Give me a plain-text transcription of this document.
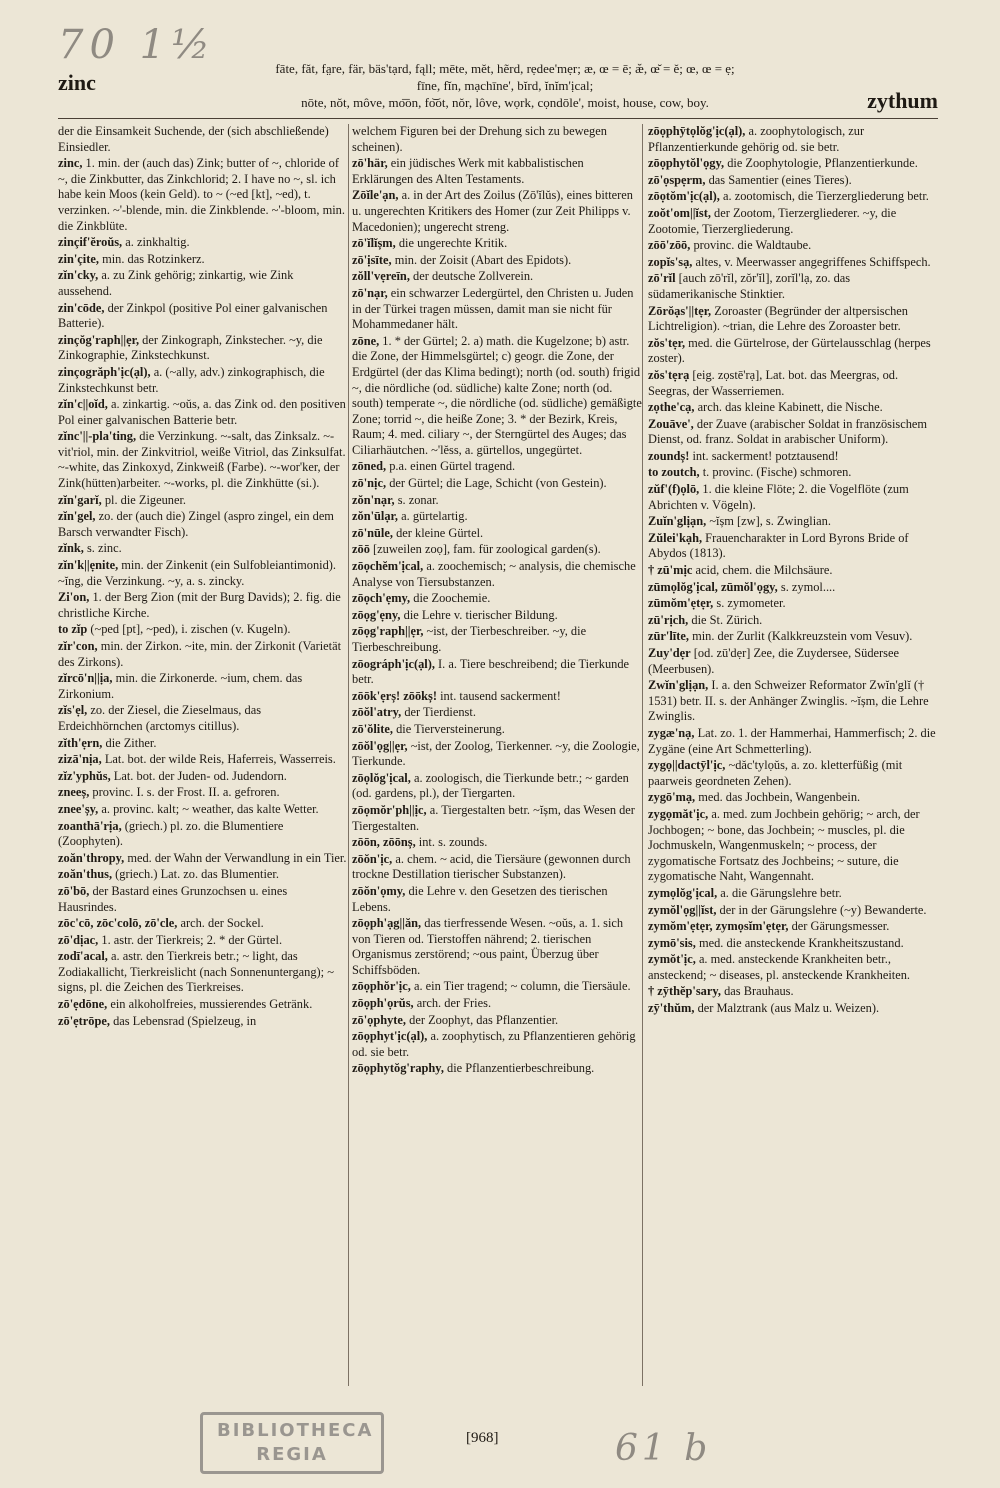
70 1½
zinc
fāte, făt, fa̤re, fär, bäs'tạrd, fąll; mēte, mĕt, hẽrd, rẹdee'mẹr; æ, œ = ē; æ̆, œ̆ = ĕ; œ, œ = ẹ;
fīne, fĭn, mạchīne', bĭrd, ĭnĭm'ịcal;
nōte, nŏt, môve, mo͞on, fo͝ot, nŏr, lôve, wọrk, cọndōle', moist, house, cow, boy.	zythum
der die Einsamkeit Suchende, der (sich abschließende) Einsiedler.
zinc, 1. min. der (auch das) Zink; butter of ~, chloride of ~, die Zinkbutter, das Zinkchlorid; 2. I have no ~, sl. ich habe kein Moos (kein Geld). to ~ (~ed [kt], ~ed), t. verzinken. ~'-blende, min. die Zinkblende. ~'-bloom, min. die Zinkblüte.
zinçif'ĕroŭs, a. zinkhaltig.
zin'çite, min. das Rotzinkerz.
zĭn'cky, a. zu Zink gehörig; zinkartig, wie Zink aussehend.
zin'cōde, der Zinkpol (positive Pol einer galvanischen Batterie).
zinçŏg'raph||ẹr, der Zinkograph, Zinkstecher. ~y, die Zinkographie, Zinkstechkunst.
zinçogrăph'ịc(ạl), a. (~ally, adv.) zinkographisch, die Zinkstechkunst betr.
zĭn'c||oĭd, a. zinkartig. ~oŭs, a. das Zink od. den positiven Pol einer galvanischen Batterie betr.
zĭnc'||-pla'ting, die Verzinkung. ~-salt, das Zinksalz. ~-vit'riol, min. der Zinkvitriol, weiße Vitriol, das Zinksulfat. ~-white, das Zinkoxyd, Zinkweiß (Farbe). ~-wor'ker, der Zink(hütten)arbeiter. ~-works, pl. die Zinkhütte (si.).
zĭn'garĭ, pl. die Zigeuner.
zĭn'gel, zo. der (auch die) Zingel (aspro zingel, ein dem Barsch verwandter Fisch).
zĭnk, s. zinc.
zĭn'k||ẹnite, min. der Zinkenit (ein Sulfobleiantimonid). ~ĭng, die Verzinkung. ~y, a. s. zincky.
Zi'on, 1. der Berg Zion (mit der Burg Davids); 2. fig. die christliche Kirche.
to zĭp (~ped [pt], ~ped), i. zischen (v. Kugeln).
zĭr'con, min. der Zirkon. ~ite, min. der Zirkonit (Varietät des Zirkons).
zĭrcō'n||ịa, min. die Zirkonerde. ~ium, chem. das Zirkonium.
zĭs'ẹl, zo. der Ziesel, die Zieselmaus, das Erdeichhörnchen (arctomys citillus).
zĭth'ẹrn, die Zither.
zizā'nịa, Lat. bot. der wilde Reis, Haferreis, Wasserreis.
zĭz'yphŭs, Lat. bot. der Juden- od. Judendorn.
zneeș, provinc. I. s. der Frost. II. a. gefroren.
znee'șy, a. provinc. kalt; ~ weather, das kalte Wetter.
zoanthā'rịa, (griech.) pl. zo. die Blumentiere (Zoophyten).
zoăn'thropy, med. der Wahn der Verwandlung in ein Tier.
zoăn'thus, (griech.) Lat. zo. das Blumentier.
zō'bō, der Bastard eines Grunzochsen u. eines Hausrindes.
zōc'cō, zōc'colō, zō'cle, arch. der Sockel.
zō'dịac, 1. astr. der Tierkreis; 2. * der Gürtel.
zodī'acal, a. astr. den Tierkreis betr.; ~ light, das Zodiakallicht, Tierkreislicht (nach Sonnenuntergang); ~ signs, pl. die Zeichen des Tierkreises.
zō'ẹdōne, ein alkoholfreies, mussierendes Getränk.
zō'ẹtrōpe, das Lebensrad (Spielzeug, in
welchem Figuren bei der Drehung sich zu bewegen scheinen).
zō'här, ein jüdisches Werk mit kabbalistischen Erklärungen des Alten Testaments.
Zōĭle'ạn, a. in der Art des Zoilus (Zō'ĭlŭs), eines bitteren u. ungerechten Kritikers des Homer (zur Zeit Philipps v. Macedonien); ungerecht streng.
zō'ĭlĭșm, die ungerechte Kritik.
zō'ịsīte, min. der Zoisit (Abart des Epidots).
zŏll'vẹreīn, der deutsche Zollverein.
zō'nạr, ein schwarzer Ledergürtel, den Christen u. Juden in der Türkei tragen müssen, damit man sie nicht für Mohammedaner hält.
zōne, 1. * der Gürtel; 2. a) math. die Kugelzone; b) astr. die Zone, der Himmelsgürtel; c) geogr. die Zone, der Erdgürtel (der das Klima bedingt); north (od. south) frigid ~, die nördliche (od. südliche) kalte Zone; north (od. south) temperate ~, die nördliche (od. südliche) gemäßigte Zone; torrid ~, die heiße Zone; 3. * der Bezirk, Kreis, Raum; 4. med. ciliary ~, der Sterngürtel des Auges; das Ciliarhäutchen. ~'lĕss, a. gürtellos, ungegürtet.
zōned, p.a. einen Gürtel tragend.
zō'nịc, der Gürtel; die Lage, Schicht (von Gestein).
zŏn'nạr, s. zonar.
zŏn'ūlạr, a. gürtelartig.
zō'nūle, der kleine Gürtel.
zōō [zuweilen zoọ], fam. für zoological garden(s).
zōọchĕm'ịcal, a. zoochemisch; ~ analysis, die chemische Analyse von Tiersubstanzen.
zōọch'ẹmy, die Zoochemie.
zōọg'ẹny, die Lehre v. tierischer Bildung.
zōọg'raph||ẹr, ~ist, der Tierbeschreiber. ~y, die Tierbeschreibung.
zōográph'ịc(ạl), I. a. Tiere beschreibend; die Tierkunde betr.
zōōk'ẹrș! zōōkș! int. tausend sackerment!
zōŏl'atry, der Tierdienst.
zō'ŏlite, die Tierversteinerung.
zōŏl'ọg||ẹr, ~ist, der Zoolog, Tierkenner. ~y, die Zoologie, Tierkunde.
zōọlŏg'ịcal, a. zoologisch, die Tierkunde betr.; ~ garden (od. gardens, pl.), der Tiergarten.
zōọmŏr'ph||ịc, a. Tiergestalten betr. ~ĭșm, das Wesen der Tiergestalten.
zōōn, zōōnș, int. s. zounds.
zōŏn'ịc, a. chem. ~ acid, die Tiersäure (gewonnen durch trockne Destillation tierischer Substanzen).
zōŏn'ọmy, die Lehre v. den Gesetzen des tierischen Lebens.
zōọph'ạg||ăn, das tierfressende Wesen. ~oŭs, a. 1. sich von Tieren od. Tierstoffen nährend; 2. tierischen Organismus zerstörend; ~ous paint, Überzug über Schiffsböden.
zōọphŏr'ịc, a. ein Tier tragend; ~ column, die Tiersäule.
zōọph'ọrŭs, arch. der Fries.
zō'ọphyte, der Zoophyt, das Pflanzentier.
zōọphyt'ịc(ạl), a. zoophytisch, zu Pflanzentieren gehörig od. sie betr.
zōọphytŏg'raphy, die Pflanzentierbeschreibung.
zōọphȳtọlŏg'ịc(ạl), a. zoophytologisch, zur Pflanzentierkunde gehörig od. sie betr.
zōọphytŏl'ọgy, die Zoophytologie, Pflanzentierkunde.
zō'ọspẹrm, das Samentier (eines Tieres).
zōọtŏm'ịc(ạl), a. zootomisch, die Tierzergliederung betr.
zoŏt'om||ĭst, der Zootom, Tierzergliederer. ~y, die Zootomie, Tierzergliederung.
zōō'zōō, provinc. die Waldtaube.
zopĭs'sạ, altes, v. Meerwasser angegriffenes Schiffspech.
zō'rĭl [auch zō'rĭl, zŏr'ĭl], zorĭl'lạ, zo. das südamerikanische Stinktier.
Zōrŏạs'||tẹr, Zoroaster (Begründer der altpersischen Lichtreligion). ~trian, die Lehre des Zoroaster betr.
zŏs'tẹr, med. die Gürtelrose, der Gürtelausschlag (herpes zoster).
zŏs'tẹrạ [eig. zọstē'rạ], Lat. bot. das Meergras, od. Seegras, der Wasserriemen.
zọthe'cạ, arch. das kleine Kabinett, die Nische.
Zouāve', der Zuave (arabischer Soldat in französischem Dienst, od. franz. Soldat in arabischer Uniform).
zoundș! int. sackerment! potztausend!
to zoutch, t. provinc. (Fische) schmoren.
zŭf'(f)ọlō, 1. die kleine Flöte; 2. die Vogelflöte (zum Abrichten v. Vögeln).
Zuĭn'glịạn, ~ĭșm [zw], s. Zwinglian.
Zŭlei'kạh, Frauencharakter in Lord Byrons Bride of Abydos (1813).
† zū'mịc acid, chem. die Milchsäure.
zūmọlŏg'ịcal, zūmŏl'ọgy, s. zymol....
zūmŏm'ẹtẹr, s. zymometer.
zū'rịch, die St. Zürich.
zūr'līte, min. der Zurlit (Kalkkreuzstein vom Vesuv).
Zuy'dẹr [od. zū'dẹr] Zee, die Zuydersee, Südersee (Meerbusen).
Zwĭn'glịạn, I. a. den Schweizer Reformator Zwĭn'glĭ († 1531) betr. II. s. der Anhänger Zwinglis. ~ĭșm, die Lehre Zwinglis.
zygæ'nạ, Lat. zo. 1. der Hammerhai, Hammerfisch; 2. die Zygäne (eine Art Schmetterling).
zygọ||dactȳl'ịc, ~dăc'tylọŭs, a. zo. kletterfüßig (mit paarweis geordneten Zehen).
zygō'mạ, med. das Jochbein, Wangenbein.
zygọmăt'ịc, a. med. zum Jochbein gehörig; ~ arch, der Jochbogen; ~ bone, das Jochbein; ~ muscles, pl. die Jochmuskeln, Wangenmuskeln; ~ process, der zygomatische Fortsatz des Jochbeins; ~ suture, die zygomatische Naht, Wangennaht.
zymọlŏg'ịcal, a. die Gärungslehre betr.
zymŏl'ọg||ĭst, der in der Gärungslehre (~y) Bewanderte.
zymŏm'ẹtẹr, zymọsĭm'ẹtẹr, der Gärungsmesser.
zymō'sis, med. die ansteckende Krankheitszustand.
zymŏt'ịc, a. med. ansteckende Krankheiten betr., ansteckend; ~ diseases, pl. ansteckende Krankheiten.
† zȳthĕp'sary, das Brauhaus.
zȳ'thŭm, der Malztrank (aus Malz u. Weizen).
BIBLIOTHECA
REGIA
[968]	61 b
